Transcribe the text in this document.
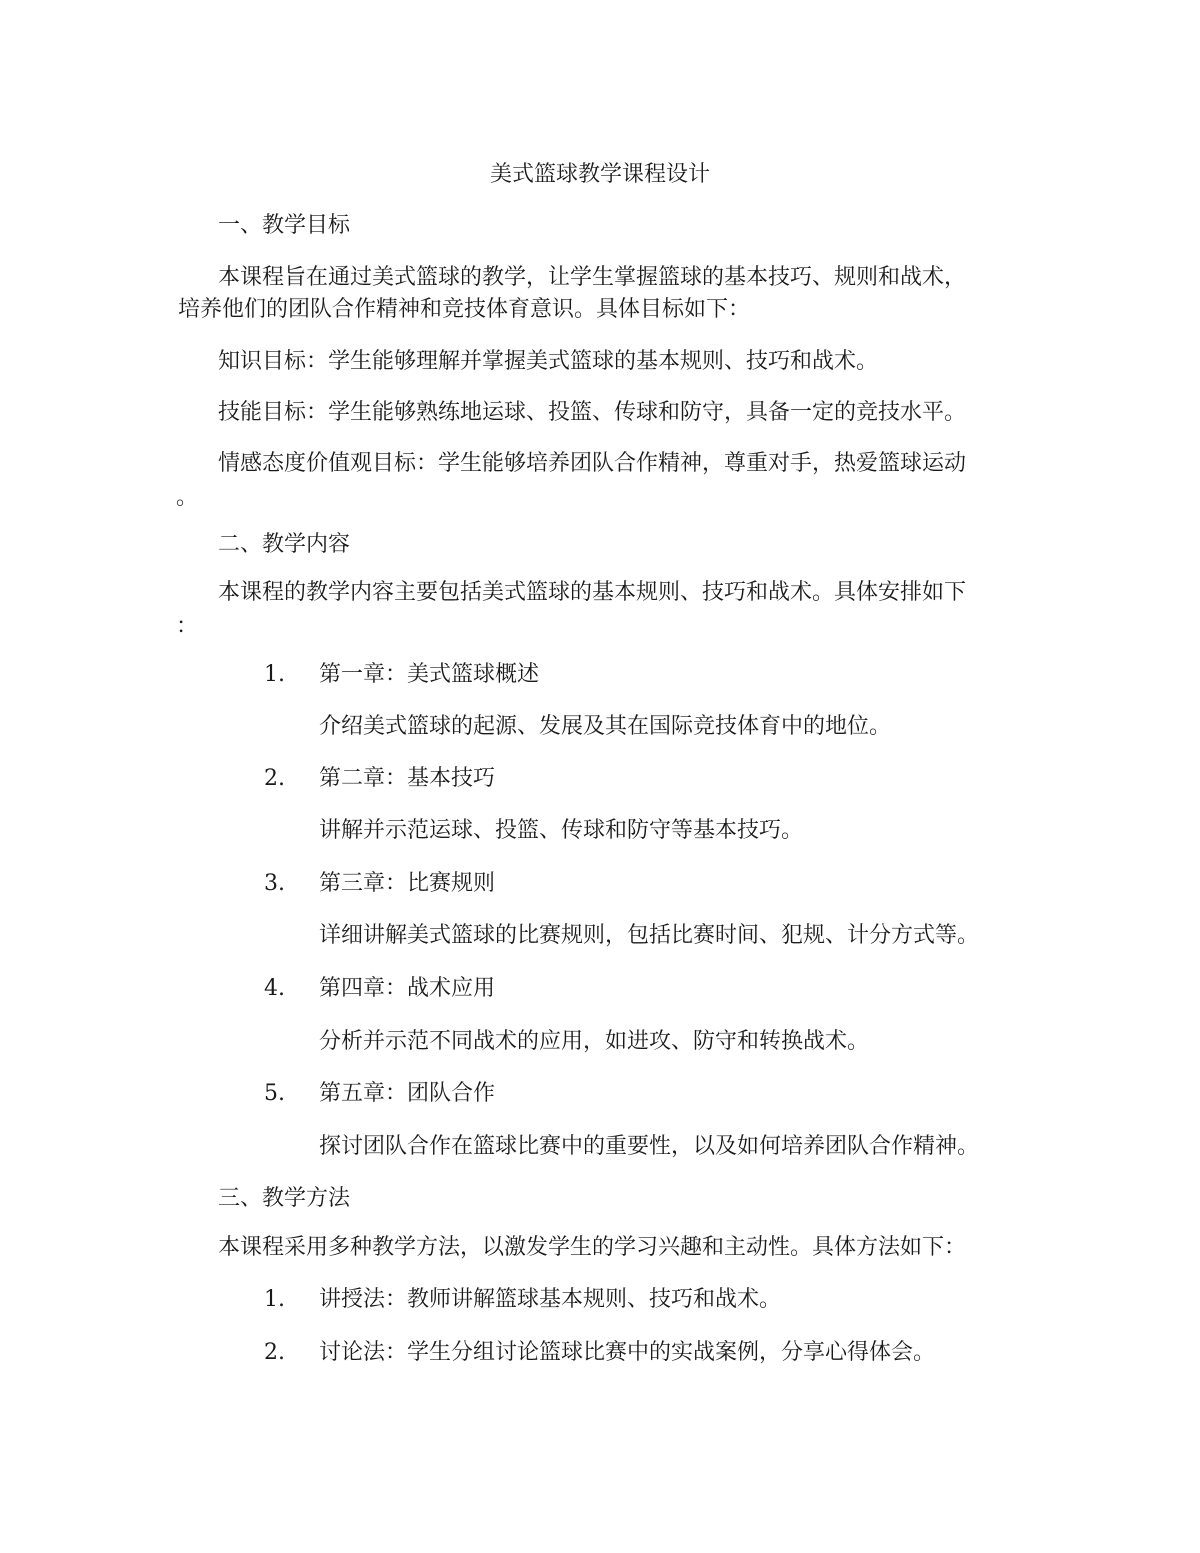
美式篮球教学课程设计
一、教学目标
本课程旨在通过美式篮球的教学，让学生掌握篮球的基本技巧、规则和战术，
培养他们的团队合作精神和竞技体育意识。具体目标如下：
知识目标：学生能够理解并掌握美式篮球的基本规则、技巧和战术。
技能目标：学生能够熟练地运球、投篮、传球和防守，具备一定的竞技水平。
情感态度价值观目标：学生能够培养团队合作精神，尊重对手，热爱篮球运动
。
二、教学内容
本课程的教学内容主要包括美式篮球的基本规则、技巧和战术。具体安排如下
：
1. 第一章：美式篮球概述
介绍美式篮球的起源、发展及其在国际竞技体育中的地位。
2. 第二章：基本技巧
讲解并示范运球、投篮、传球和防守等基本技巧。
3. 第三章：比赛规则
详细讲解美式篮球的比赛规则，包括比赛时间、犯规、计分方式等。
4. 第四章：战术应用
分析并示范不同战术的应用，如进攻、防守和转换战术。
5. 第五章：团队合作
探讨团队合作在篮球比赛中的重要性，以及如何培养团队合作精神。
三、教学方法
本课程采用多种教学方法，以激发学生的学习兴趣和主动性。具体方法如下：
1. 讲授法：教师讲解篮球基本规则、技巧和战术。
2. 讨论法：学生分组讨论篮球比赛中的实战案例，分享心得体会。
